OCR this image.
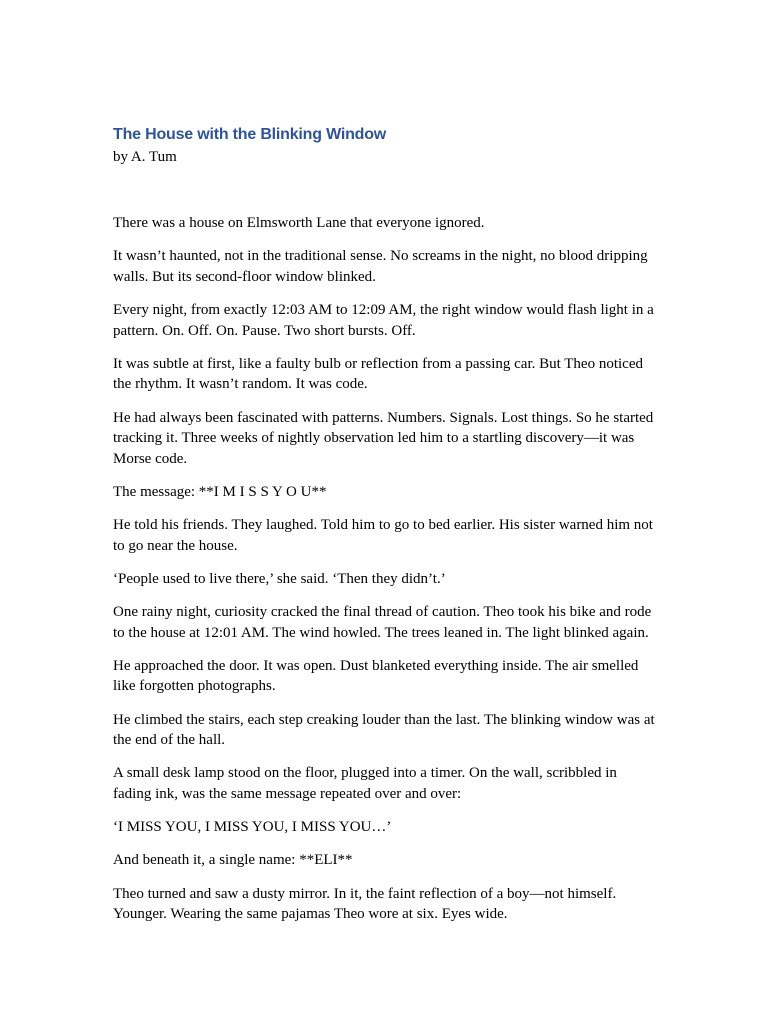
The House with the Blinking Window
by A. Tum

There was a house on Elmsworth Lane that everyone ignored.

It wasn’t haunted, not in the traditional sense. No screams in the night, no blood dripping walls. But its second-floor window blinked.

Every night, from exactly 12:03 AM to 12:09 AM, the right window would flash light in a pattern. On. Off. On. Pause. Two short bursts. Off.

It was subtle at first, like a faulty bulb or reflection from a passing car. But Theo noticed the rhythm. It wasn’t random. It was code.

He had always been fascinated with patterns. Numbers. Signals. Lost things. So he started tracking it. Three weeks of nightly observation led him to a startling discovery—it was Morse code.

The message: **I M I S S Y O U**

He told his friends. They laughed. Told him to go to bed earlier. His sister warned him not to go near the house.

‘People used to live there,’ she said. ‘Then they didn’t.’

One rainy night, curiosity cracked the final thread of caution. Theo took his bike and rode to the house at 12:01 AM. The wind howled. The trees leaned in. The light blinked again.

He approached the door. It was open. Dust blanketed everything inside. The air smelled like forgotten photographs.

He climbed the stairs, each step creaking louder than the last. The blinking window was at the end of the hall.

A small desk lamp stood on the floor, plugged into a timer. On the wall, scribbled in fading ink, was the same message repeated over and over:

‘I MISS YOU, I MISS YOU, I MISS YOU…’

And beneath it, a single name: **ELI**

Theo turned and saw a dusty mirror. In it, the faint reflection of a boy—not himself. Younger. Wearing the same pajamas Theo wore at six. Eyes wide.
